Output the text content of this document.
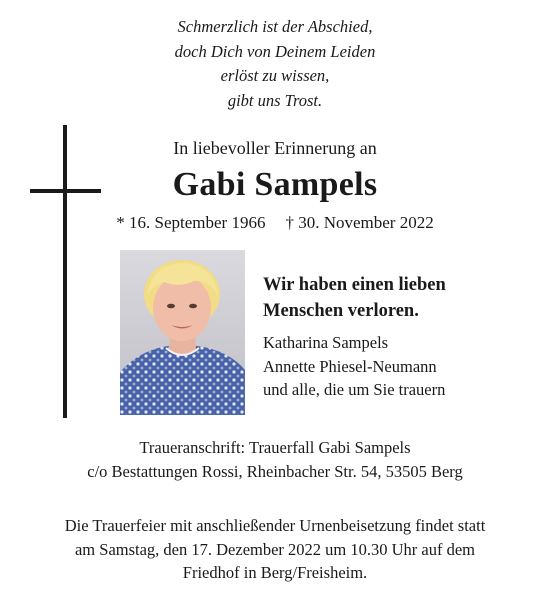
Schmerzlich ist der Abschied,
doch Dich von Deinem Leiden
erlöst zu wissen,
gibt uns Trost.
In liebevoller Erinnerung an
Gabi Sampels
* 16. September 1966 † 30. November 2022
Wir haben einen lieben
Menschen verloren.
Katharina Sampels
Annette Phiesel-Neumann
und alle, die um Sie trauern
Traueranschrift: Trauerfall Gabi Sampels
c/o Bestattungen Rossi, Rheinbacher Str. 54, 53505 Berg
Die Trauerfeier mit anschließender Urnenbeisetzung findet statt
am Samstag, den 17. Dezember 2022 um 10.30 Uhr auf dem
Friedhof in Berg/Freisheim.
